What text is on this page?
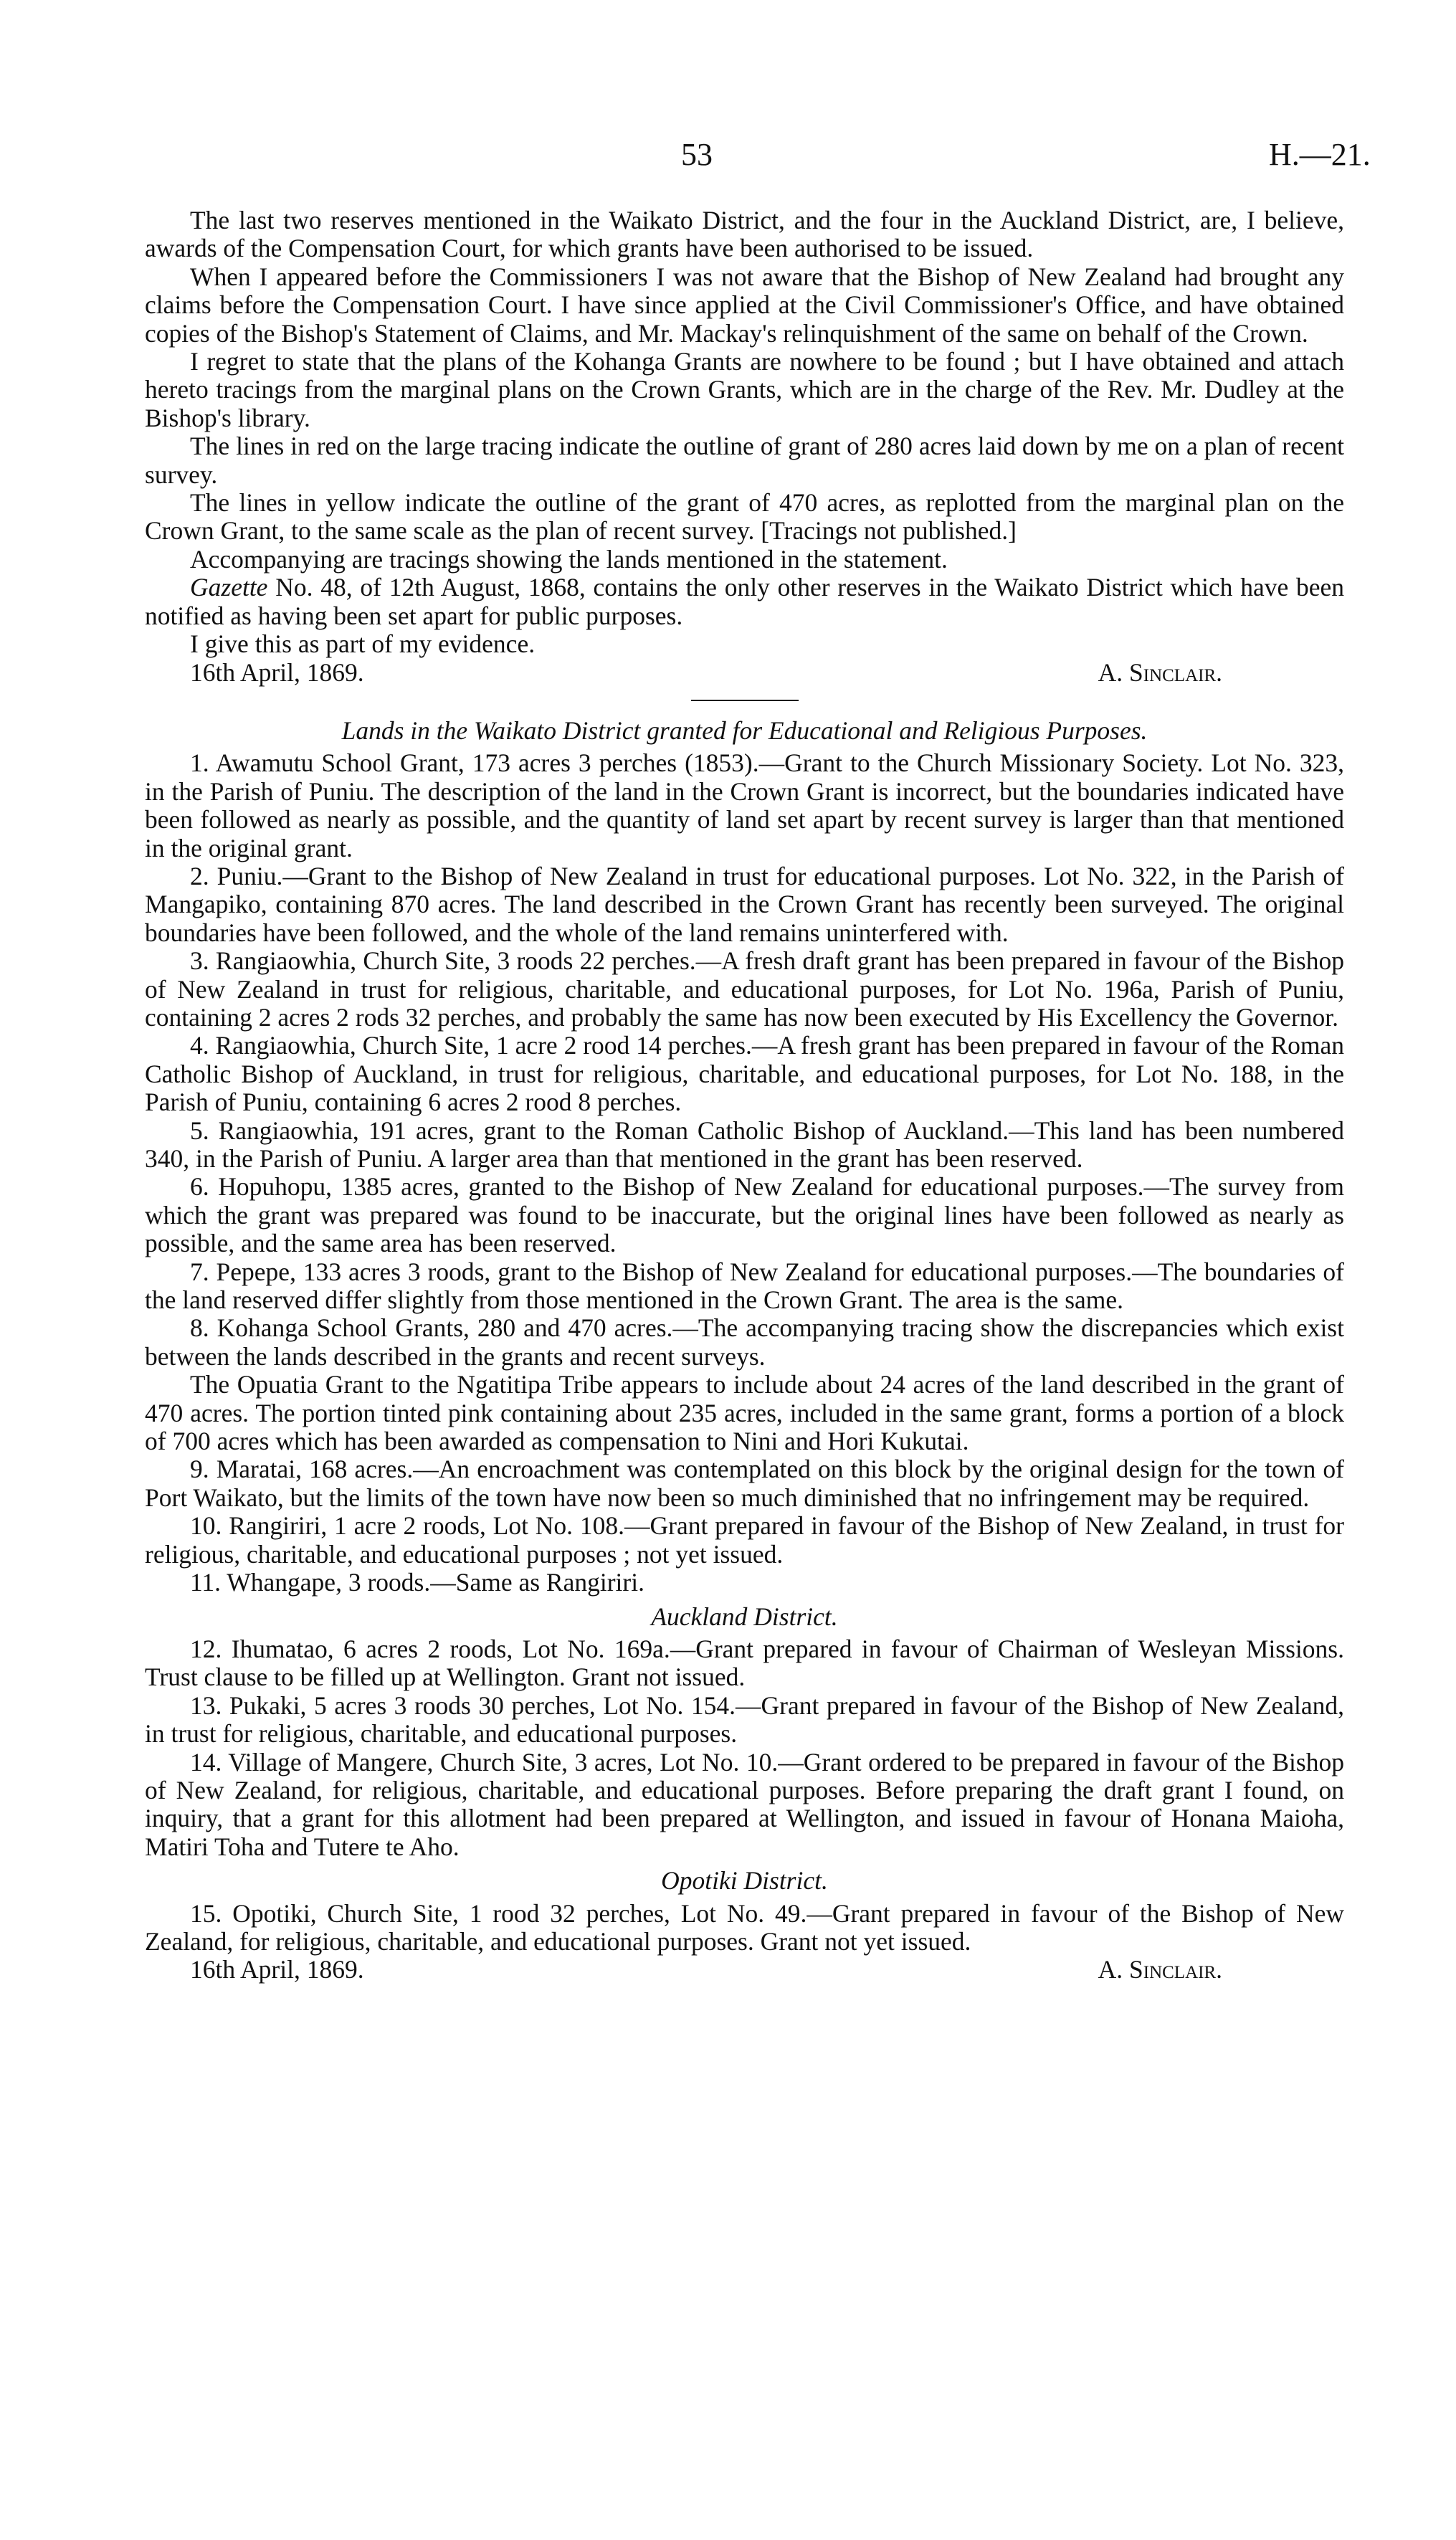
53	H.—21.

The last two reserves mentioned in the Waikato District, and the four in the Auckland District, are, I believe, awards of the Compensation Court, for which grants have been authorised to be issued.

When I appeared before the Commissioners I was not aware that the Bishop of New Zealand had brought any claims before the Compensation Court. I have since applied at the Civil Commissioner's Office, and have obtained copies of the Bishop's Statement of Claims, and Mr. Mackay's relinquishment of the same on behalf of the Crown.

I regret to state that the plans of the Kohanga Grants are nowhere to be found ; but I have obtained and attach hereto tracings from the marginal plans on the Crown Grants, which are in the charge of the Rev. Mr. Dudley at the Bishop's library.

The lines in red on the large tracing indicate the outline of grant of 280 acres laid down by me on a plan of recent survey.

The lines in yellow indicate the outline of the grant of 470 acres, as replotted from the marginal plan on the Crown Grant, to the same scale as the plan of recent survey. [Tracings not published.]

Accompanying are tracings showing the lands mentioned in the statement.

Gazette No. 48, of 12th August, 1868, contains the only other reserves in the Waikato District which have been notified as having been set apart for public purposes.

I give this as part of my evidence.

16th April, 1869.	A. Sinclair.

Lands in the Waikato District granted for Educational and Religious Purposes.

1. Awamutu School Grant, 173 acres 3 perches (1853).—Grant to the Church Missionary Society. Lot No. 323, in the Parish of Puniu. The description of the land in the Crown Grant is incorrect, but the boundaries indicated have been followed as nearly as possible, and the quantity of land set apart by recent survey is larger than that mentioned in the original grant.

2. Puniu.—Grant to the Bishop of New Zealand in trust for educational purposes. Lot No. 322, in the Parish of Mangapiko, containing 870 acres. The land described in the Crown Grant has recently been surveyed. The original boundaries have been followed, and the whole of the land remains uninterfered with.

3. Rangiaowhia, Church Site, 3 roods 22 perches.—A fresh draft grant has been prepared in favour of the Bishop of New Zealand in trust for religious, charitable, and educational purposes, for Lot No. 196a, Parish of Puniu, containing 2 acres 2 rods 32 perches, and probably the same has now been executed by His Excellency the Governor.

4. Rangiaowhia, Church Site, 1 acre 2 rood 14 perches.—A fresh grant has been prepared in favour of the Roman Catholic Bishop of Auckland, in trust for religious, charitable, and educational purposes, for Lot No. 188, in the Parish of Puniu, containing 6 acres 2 rood 8 perches.

5. Rangiaowhia, 191 acres, grant to the Roman Catholic Bishop of Auckland.—This land has been numbered 340, in the Parish of Puniu. A larger area than that mentioned in the grant has been reserved.

6. Hopuhopu, 1385 acres, granted to the Bishop of New Zealand for educational purposes.—The survey from which the grant was prepared was found to be inaccurate, but the original lines have been followed as nearly as possible, and the same area has been reserved.

7. Pepepe, 133 acres 3 roods, grant to the Bishop of New Zealand for educational purposes.—The boundaries of the land reserved differ slightly from those mentioned in the Crown Grant. The area is the same.

8. Kohanga School Grants, 280 and 470 acres.—The accompanying tracing show the discrepancies which exist between the lands described in the grants and recent surveys.

The Opuatia Grant to the Ngatitipa Tribe appears to include about 24 acres of the land described in the grant of 470 acres. The portion tinted pink containing about 235 acres, included in the same grant, forms a portion of a block of 700 acres which has been awarded as compensation to Nini and Hori Kukutai.

9. Maratai, 168 acres.—An encroachment was contemplated on this block by the original design for the town of Port Waikato, but the limits of the town have now been so much diminished that no infringement may be required.

10. Rangiriri, 1 acre 2 roods, Lot No. 108.—Grant prepared in favour of the Bishop of New Zealand, in trust for religious, charitable, and educational purposes ; not yet issued.

11. Whangape, 3 roods.—Same as Rangiriri.

Auckland District.

12. Ihumatao, 6 acres 2 roods, Lot No. 169a.—Grant prepared in favour of Chairman of Wesleyan Missions. Trust clause to be filled up at Wellington. Grant not issued.

13. Pukaki, 5 acres 3 roods 30 perches, Lot No. 154.—Grant prepared in favour of the Bishop of New Zealand, in trust for religious, charitable, and educational purposes.

14. Village of Mangere, Church Site, 3 acres, Lot No. 10.—Grant ordered to be prepared in favour of the Bishop of New Zealand, for religious, charitable, and educational purposes. Before preparing the draft grant I found, on inquiry, that a grant for this allotment had been prepared at Wellington, and issued in favour of Honana Maioha, Matiri Toha and Tutere te Aho.

Opotiki District.

15. Opotiki, Church Site, 1 rood 32 perches, Lot No. 49.—Grant prepared in favour of the Bishop of New Zealand, for religious, charitable, and educational purposes. Grant not yet issued.

16th April, 1869.	A. Sinclair.
